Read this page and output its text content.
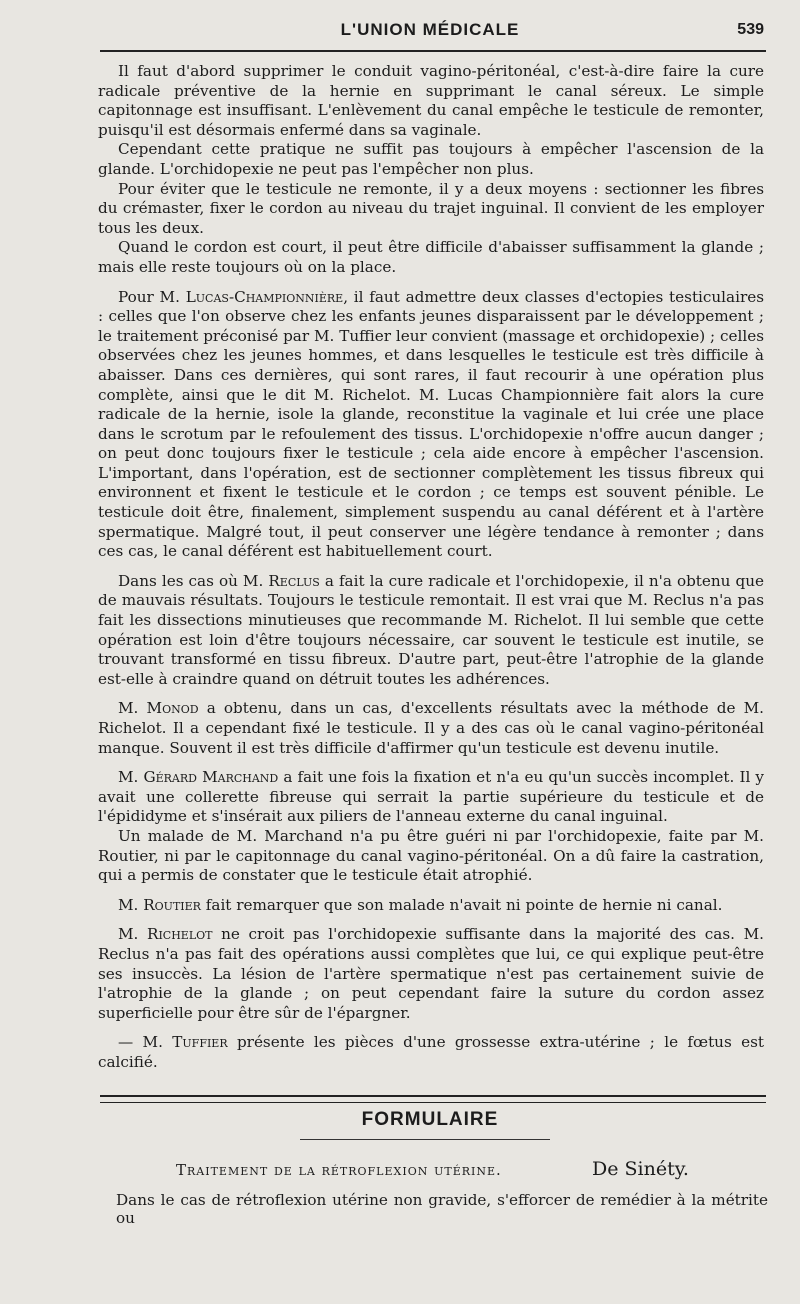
L'UNION MÉDICALE	539

Il faut d'abord supprimer le conduit vagino-péritonéal, c'est-à-dire faire la cure radicale préventive de la hernie en supprimant le canal séreux. Le simple capitonnage est insuffisant. L'enlèvement du canal empêche le testicule de remonter, puisqu'il est désormais enfermé dans sa vaginale.

Cependant cette pratique ne suffit pas toujours à empêcher l'ascension de la glande. L'orchidopexie ne peut pas l'empêcher non plus.

Pour éviter que le testicule ne remonte, il y a deux moyens : sectionner les fibres du crémaster, fixer le cordon au niveau du trajet inguinal. Il convient de les employer tous les deux.

Quand le cordon est court, il peut être difficile d'abaisser suffisamment la glande ; mais elle reste toujours où on la place.

Pour M. Lucas-Championnière, il faut admettre deux classes d'ectopies testiculaires : celles que l'on observe chez les enfants jeunes disparaissent par le développement ; le traitement préconisé par M. Tuffier leur convient (massage et orchidopexie) ; celles observées chez les jeunes hommes, et dans lesquelles le testicule est très difficile à abaisser. Dans ces dernières, qui sont rares, il faut recourir à une opération plus complète, ainsi que le dit M. Richelot. M. Lucas Championnière fait alors la cure radicale de la hernie, isole la glande, reconstitue la vaginale et lui crée une place dans le scrotum par le refoulement des tissus. L'orchidopexie n'offre aucun danger ; on peut donc toujours fixer le testicule ; cela aide encore à empêcher l'ascension. L'important, dans l'opération, est de sectionner complètement les tissus fibreux qui environnent et fixent le testicule et le cordon ; ce temps est souvent pénible. Le testicule doit être, finalement, simplement suspendu au canal déférent et à l'artère spermatique. Malgré tout, il peut conserver une légère tendance à remonter ; dans ces cas, le canal déférent est habituellement court.

Dans les cas où M. Reclus a fait la cure radicale et l'orchidopexie, il n'a obtenu que de mauvais résultats. Toujours le testicule remontait. Il est vrai que M. Reclus n'a pas fait les dissections minutieuses que recommande M. Richelot. Il lui semble que cette opération est loin d'être toujours nécessaire, car souvent le testicule est inutile, se trouvant transformé en tissu fibreux. D'autre part, peut-être l'atrophie de la glande est-elle à craindre quand on détruit toutes les adhérences.

M. Monod a obtenu, dans un cas, d'excellents résultats avec la méthode de M. Richelot. Il a cependant fixé le testicule. Il y a des cas où le canal vagino-péritonéal manque. Souvent il est très difficile d'affirmer qu'un testicule est devenu inutile.

M. Gérard Marchand a fait une fois la fixation et n'a eu qu'un succès incomplet. Il y avait une collerette fibreuse qui serrait la partie supérieure du testicule et de l'épididyme et s'insérait aux piliers de l'anneau externe du canal inguinal.

Un malade de M. Marchand n'a pu être guéri ni par l'orchidopexie, faite par M. Routier, ni par le capitonnage du canal vagino-péritonéal. On a dû faire la castration, qui a permis de constater que le testicule était atrophié.

M. Routier fait remarquer que son malade n'avait ni pointe de hernie ni canal.

M. Richelot ne croit pas l'orchidopexie suffisante dans la majorité des cas. M. Reclus n'a pas fait des opérations aussi complètes que lui, ce qui explique peut-être ses insuccès. La lésion de l'artère spermatique n'est pas certainement suivie de l'atrophie de la glande ; on peut cependant faire la suture du cordon assez superficielle pour être sûr de l'épargner.

— M. Tuffier présente les pièces d'une grossesse extra-utérine ; le fœtus est calcifié.

FORMULAIRE
Traitement de la rétroflexion utérine.	De Sinéty.
Dans le cas de rétroflexion utérine non gravide, s'efforcer de remédier à la métrite ou
